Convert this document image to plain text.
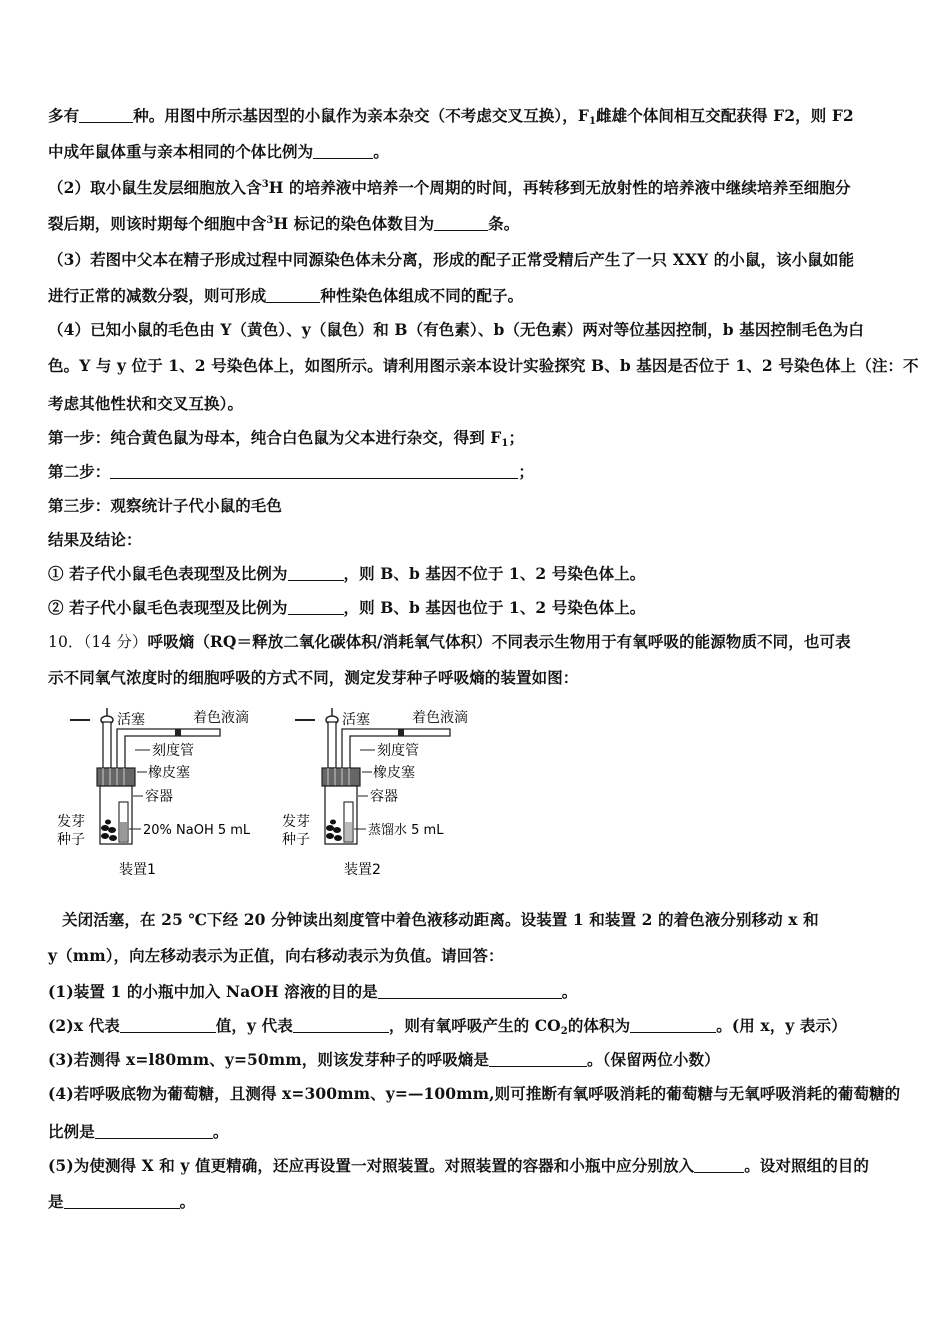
多有	种。用图中所示基因型的小鼠作为亲本杂交（不考虑交叉互换），$F_1$雌雄个体间相互交配获得 F2，则 F2
中成年鼠体重与亲本相同的个体比例为	。
（2）取小鼠生发层细胞放入含$^3$H 的培养液中培养一个周期的时间，再转移到无放射性的培养液中继续培养至细胞分
裂后期，则该时期每个细胞中含$^3$H 标记的染色体数目为	条。
（3）若图中父本在精子形成过程中同源染色体未分离，形成的配子正常受精后产生了一只 XXY 的小鼠，该小鼠如能
进行正常的减数分裂，则可形成	种性染色体组成不同的配子。
（4）已知小鼠的毛色由 Y（黄色）、y（鼠色）和 B（有色素）、b（无色素）两对等位基因控制，b 基因控制毛色为白
色。Y 与 y 位于 1、2 号染色体上，如图所示。请利用图示亲本设计实验探究 B、b 基因是否位于 1、2 号染色体上（注：不
考虑其他性状和交叉互换）。
第一步：纯合黄色鼠为母本，纯合白色鼠为父本进行杂交，得到 $F_1$；
第二步：	；
第三步：观察统计子代小鼠的毛色
结果及结论：
① 若子代小鼠毛色表现型及比例为	，则 B、b 基因不位于 1、2 号染色体上。
② 若子代小鼠毛色表现型及比例为	，则 B、b 基因也位于 1、2 号染色体上。
10．（14 分）呼吸熵（RQ＝释放二氧化碳体积/消耗氧气体积）不同表示生物用于有氧呼吸的能源物质不同，也可表
示不同氧气浓度时的细胞呼吸的方式不同，测定发芽种子呼吸熵的装置如图：
活塞	着色液滴
刻度管
橡皮塞
容器
发芽
种子
20% NaOH 5 mL
装置1
活塞	着色液滴
刻度管
橡皮塞
容器
发芽
种子
蒸馏水 5 mL
装置2
关闭活塞，在 25 ℃下经 20 分钟读出刻度管中着色液移动距离。设装置 1 和装置 2 的着色液分别移动 x 和
y（mm），向左移动表示为正值，向右移动表示为负值。请回答：
(1)装置 1 的小瓶中加入 NaOH 溶液的目的是	。
(2)x 代表	值，y 代表	，则有氧呼吸产生的 $CO_2$的体积为	。(用 x，y 表示）
(3)若测得 x=l80mm、y=50mm，则该发芽种子的呼吸熵是	。（保留两位小数）
(4)若呼吸底物为葡萄糖，且测得 x=300mm、y=—100mm,则可推断有氧呼吸消耗的葡萄糖与无氧呼吸消耗的葡萄糖的
比例是	。
(5)为使测得 X 和 y 值更精确，还应再设置一对照装置。对照装置的容器和小瓶中应分别放入	。设对照组的目的
是	。
